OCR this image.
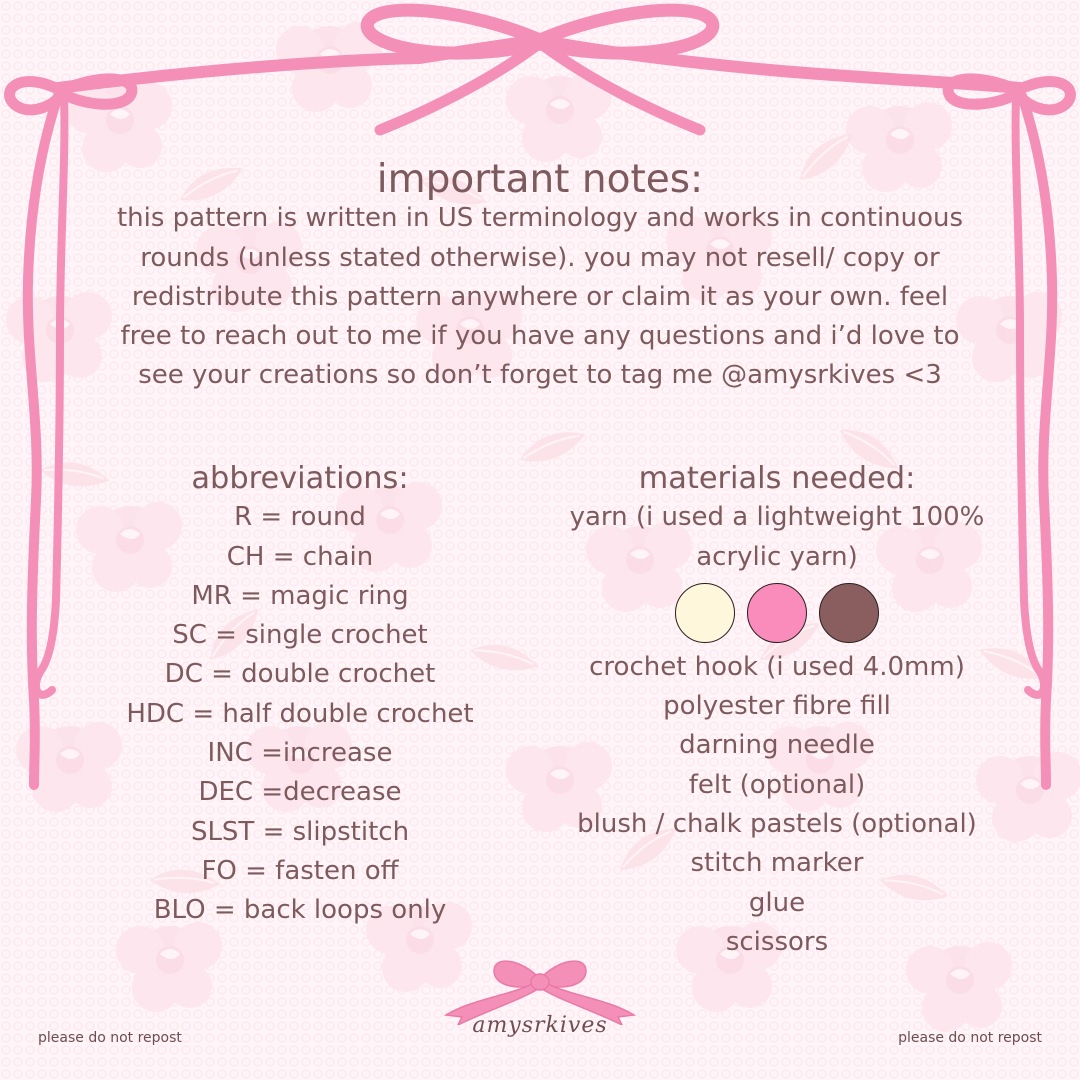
important notes:

this pattern is written in US terminology and works in continuous rounds (unless stated otherwise). you may not resell/ copy or redistribute this pattern anywhere or claim it as your own. feel free to reach out to me if you have any questions and i’d love to see your creations so don’t forget to tag me @amysrkives <3

abbreviations:
R = round
CH = chain
MR = magic ring
SC = single crochet
DC = double crochet
HDC = half double crochet
INC =increase
DEC =decrease
SLST = slipstitch
FO = fasten off
BLO = back loops only
materials needed:
yarn (i used a lightweight 100% acrylic yarn)
crochet hook (i used 4.0mm)
polyester fibre fill
darning needle
felt (optional)
blush / chalk pastels (optional)
stitch marker
glue
scissors
amysrkives
please do not repost	please do not repost
